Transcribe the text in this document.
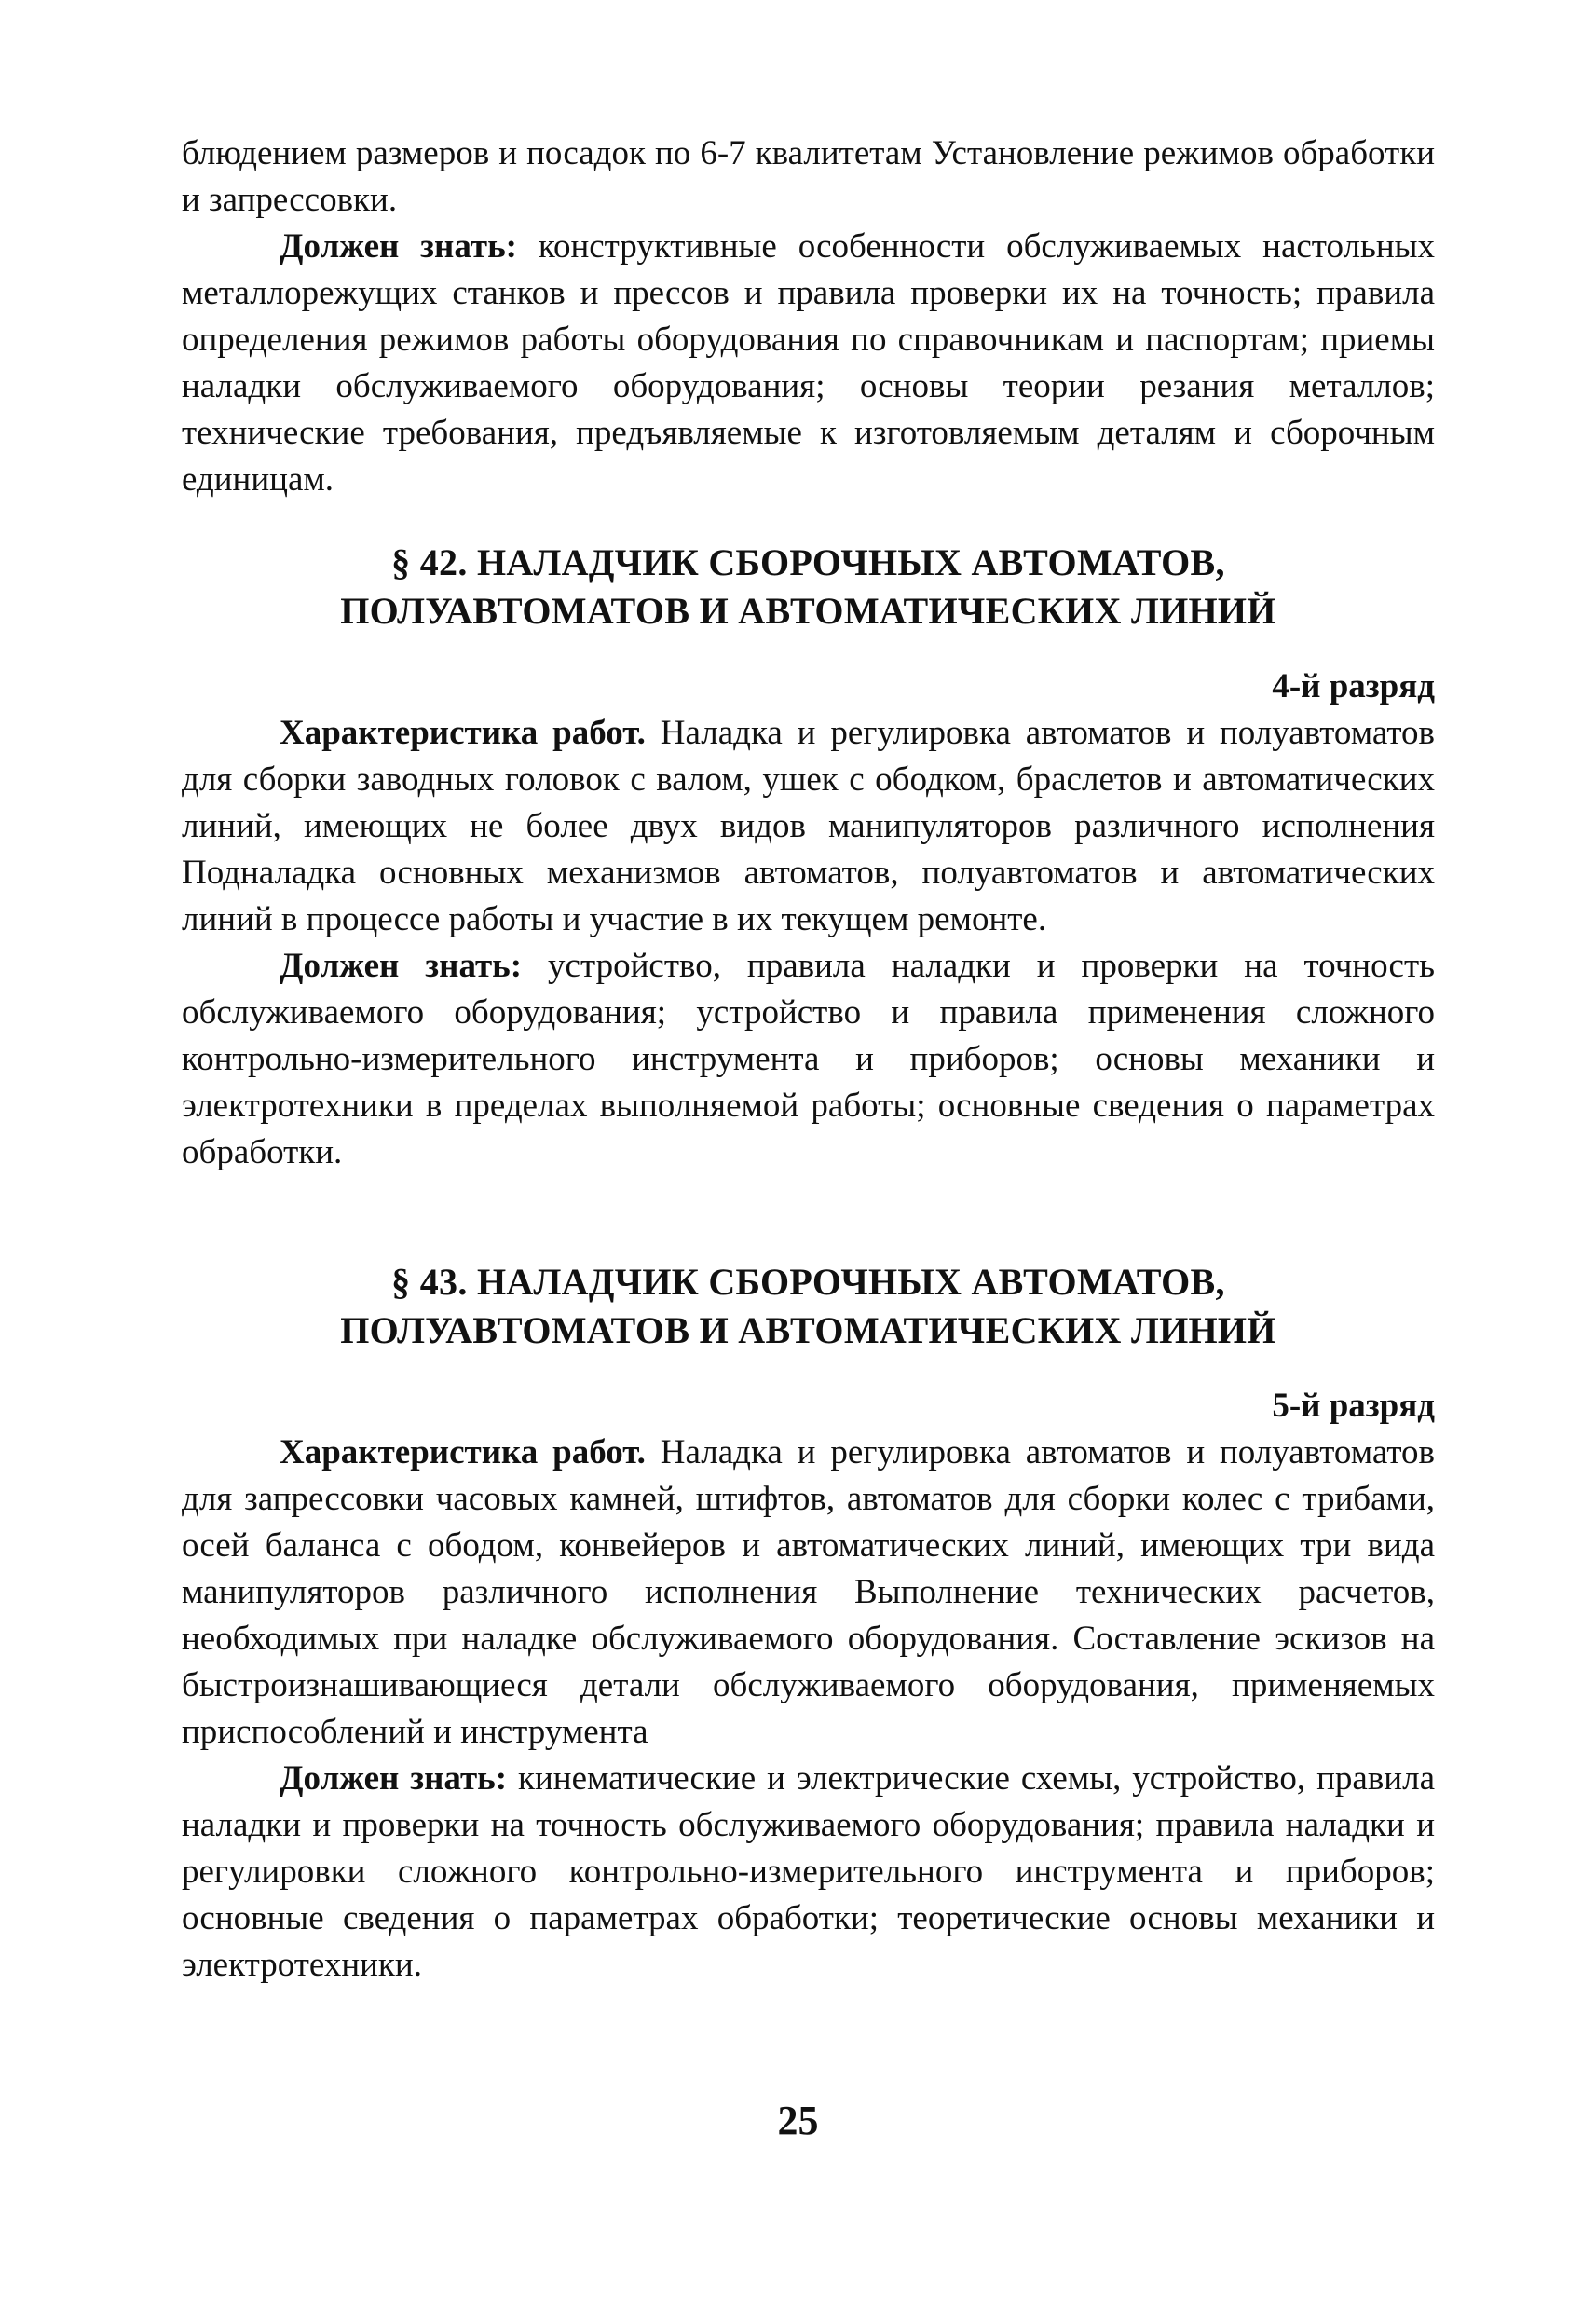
блюдением размеров и посадок по 6-7 квалитетам Установление режимов обработки и запрессовки.

Должен знать: конструктивные особенности обслуживаемых настольных металлорежущих станков и прессов и правила проверки их на точность; правила определения режимов работы оборудования по справочникам и паспортам; приемы наладки обслуживаемого оборудования; основы теории резания металлов; технические требования, предъявляемые к изготовляемым деталям и сборочным единицам.

§ 42. НАЛАДЧИК СБОРОЧНЫХ АВТОМАТОВ,
ПОЛУАВТОМАТОВ И АВТОМАТИЧЕСКИХ ЛИНИЙ
4-й разряд

Характеристика работ. Наладка и регулировка автоматов и полуавтоматов для сборки заводных головок с валом, ушек с ободком, браслетов и автоматических линий, имеющих не более двух видов манипуляторов различного исполнения Подналадка основных механизмов автоматов, полуавтоматов и автоматических линий в процессе работы и участие в их текущем ремонте.

Должен знать: устройство, правила наладки и проверки на точность обслуживаемого оборудования; устройство и правила применения сложного контрольно-измерительного инструмента и приборов; основы механики и электротехники в пределах выполняемой работы; основные сведения о параметрах обработки.

§ 43. НАЛАДЧИК СБОРОЧНЫХ АВТОМАТОВ,
ПОЛУАВТОМАТОВ И АВТОМАТИЧЕСКИХ ЛИНИЙ
5-й разряд

Характеристика работ. Наладка и регулировка автоматов и полуавтоматов для запрессовки часовых камней, штифтов, автоматов для сборки колес с трибами, осей баланса с ободом, конвейеров и автоматических линий, имеющих три вида манипуляторов различного исполнения Выполнение технических расчетов, необходимых при наладке обслуживаемого оборудования. Составление эскизов на быстроизнашивающиеся детали обслуживаемого оборудования, применяемых приспособлений и инструмента

Должен знать: кинематические и электрические схемы, устройство, правила наладки и проверки на точность обслуживаемого оборудования; правила наладки и регулировки сложного контрольно-измерительного инструмента и приборов; основные сведения о параметрах обработки; теоретические основы механики и электротехники.

25
